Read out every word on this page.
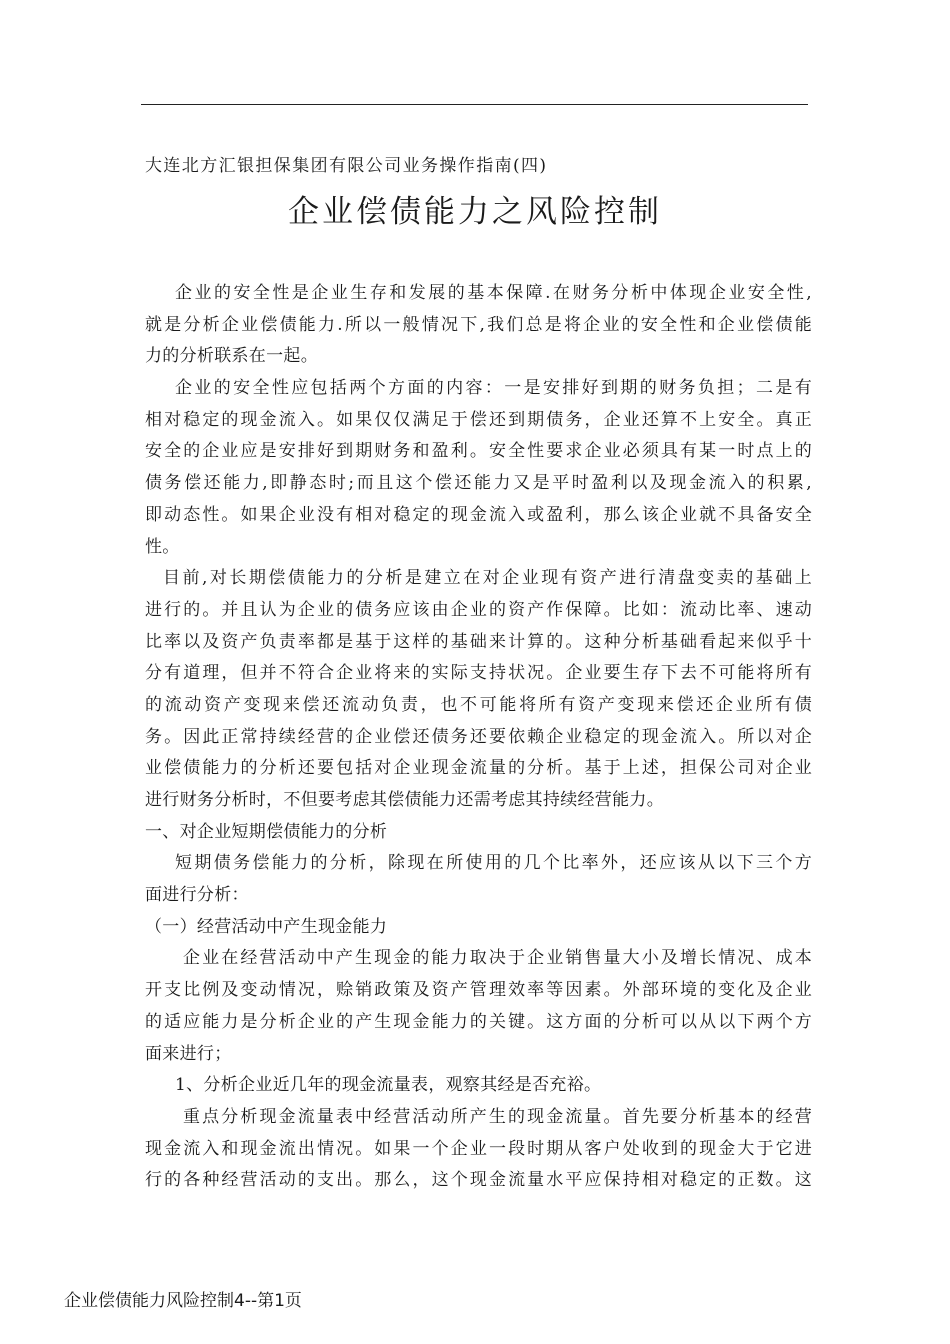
大连北方汇银担保集团有限公司业务操作指南(四)
企业偿债能力之风险控制
企业的安全性是企业生存和发展的基本保障.在财务分析中体现企业安全性,
就是分析企业偿债能力.所以一般情况下,我们总是将企业的安全性和企业偿债能
力的分析联系在一起。
企业的安全性应包括两个方面的内容：一是安排好到期的财务负担；二是有
相对稳定的现金流入。如果仅仅满足于偿还到期债务，企业还算不上安全。真正
安全的企业应是安排好到期财务和盈利。安全性要求企业必须具有某一时点上的
债务偿还能力,即静态时;而且这个偿还能力又是平时盈利以及现金流入的积累,
即动态性。如果企业没有相对稳定的现金流入或盈利，那么该企业就不具备安全
性。
目前,对长期偿债能力的分析是建立在对企业现有资产进行清盘变卖的基础上
进行的。并且认为企业的债务应该由企业的资产作保障。比如：流动比率、速动
比率以及资产负责率都是基于这样的基础来计算的。这种分析基础看起来似乎十
分有道理，但并不符合企业将来的实际支持状况。企业要生存下去不可能将所有
的流动资产变现来偿还流动负责，也不可能将所有资产变现来偿还企业所有债
务。因此正常持续经营的企业偿还债务还要依赖企业稳定的现金流入。所以对企
业偿债能力的分析还要包括对企业现金流量的分析。基于上述，担保公司对企业
进行财务分析时，不但要考虑其偿债能力还需考虑其持续经营能力。
一、对企业短期偿债能力的分析
短期债务偿能力的分析，除现在所使用的几个比率外，还应该从以下三个方
面进行分析：
（一）经营活动中产生现金能力
企业在经营活动中产生现金的能力取决于企业销售量大小及增长情况、成本
开支比例及变动情况，赊销政策及资产管理效率等因素。外部环境的变化及企业
的适应能力是分析企业的产生现金能力的关键。这方面的分析可以从以下两个方
面来进行；
1、分析企业近几年的现金流量表，观察其经是否充裕。
重点分析现金流量表中经营活动所产生的现金流量。首先要分析基本的经营
现金流入和现金流出情况。如果一个企业一段时期从客户处收到的现金大于它进
行的各种经营活动的支出。那么，这个现金流量水平应保持相对稳定的正数。这
企业偿债能力风险控制4--第1页
